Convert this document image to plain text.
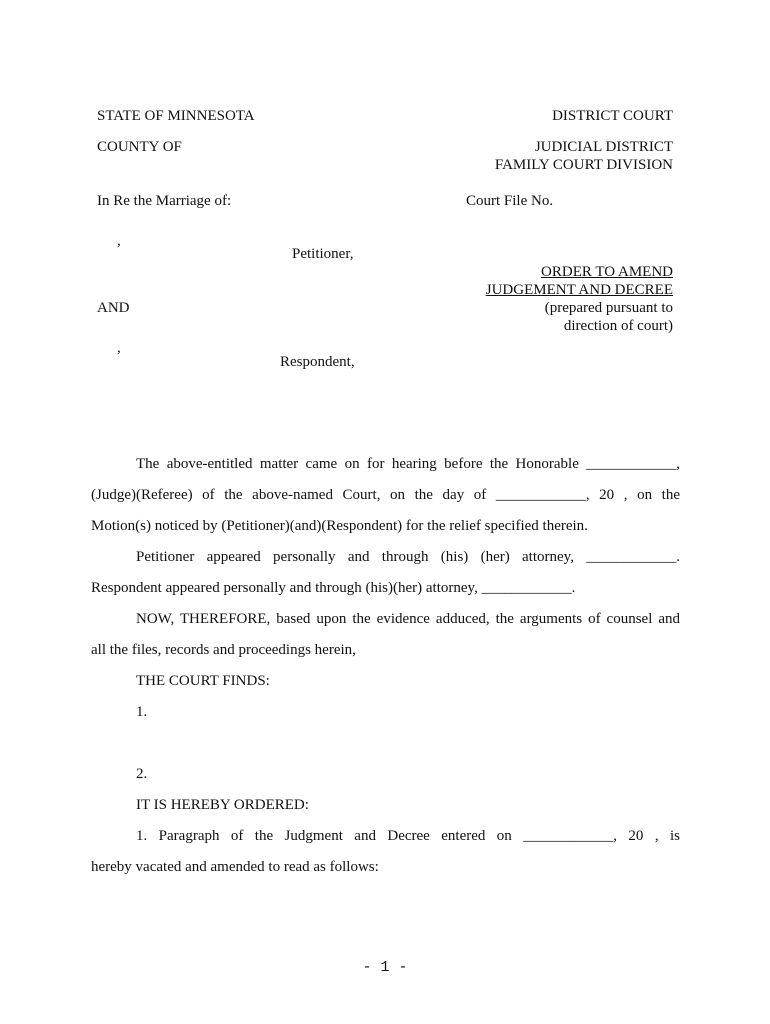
STATE OF MINNESOTA	DISTRICT COURT
COUNTY OF	JUDICIAL DISTRICT
FAMILY COURT DIVISION
In Re the Marriage of:	Court File No.
,
Petitioner,
ORDER TO AMEND
JUDGEMENT AND DECREE
AND	(prepared pursuant to
direction of court)
,
Respondent,
The above-entitled matter came on for hearing before the Honorable ____________,
(Judge)(Referee) of the above-named Court, on the day of ____________, 20 , on the
Motion(s) noticed by (Petitioner)(and)(Respondent) for the relief specified therein.
Petitioner appeared personally and through (his) (her) attorney, ____________.
Respondent appeared personally and through (his)(her) attorney, ____________.
NOW, THEREFORE, based upon the evidence adduced, the arguments of counsel and
all the files, records and proceedings herein,
THE COURT FINDS:
1.
2.
IT IS HEREBY ORDERED:
1. Paragraph of the Judgment and Decree entered on ____________, 20 , is
hereby vacated and amended to read as follows:
- 1 -
